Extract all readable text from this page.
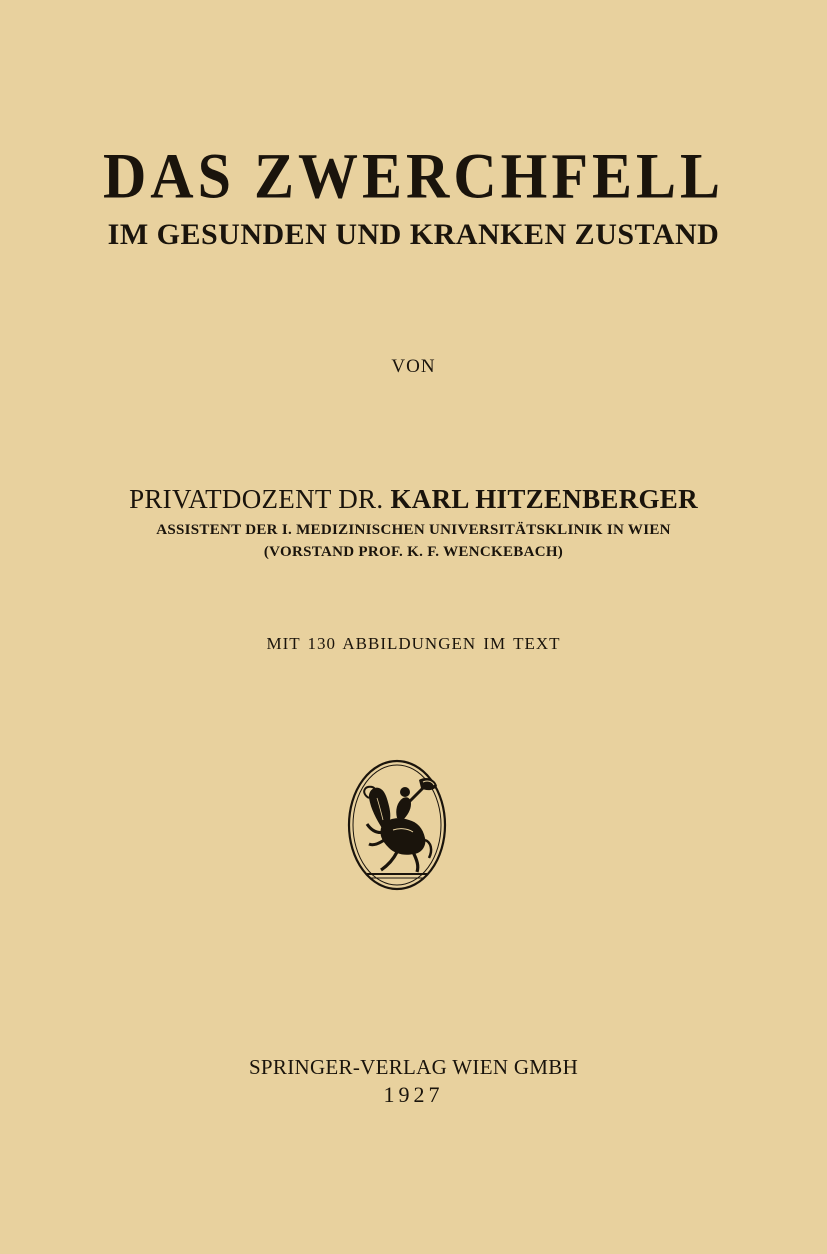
DAS ZWERCHFELL
IM GESUNDEN UND KRANKEN ZUSTAND
VON
PRIVATDOZENT DR. KARL HITZENBERGER
ASSISTENT DER I. MEDIZINISCHEN UNIVERSITÄTSKLINIK IN WIEN
(VORSTAND PROF. K. F. WENCKEBACH)
MIT 130 ABBILDUNGEN IM TEXT
SPRINGER-VERLAG WIEN GMBH
1927
